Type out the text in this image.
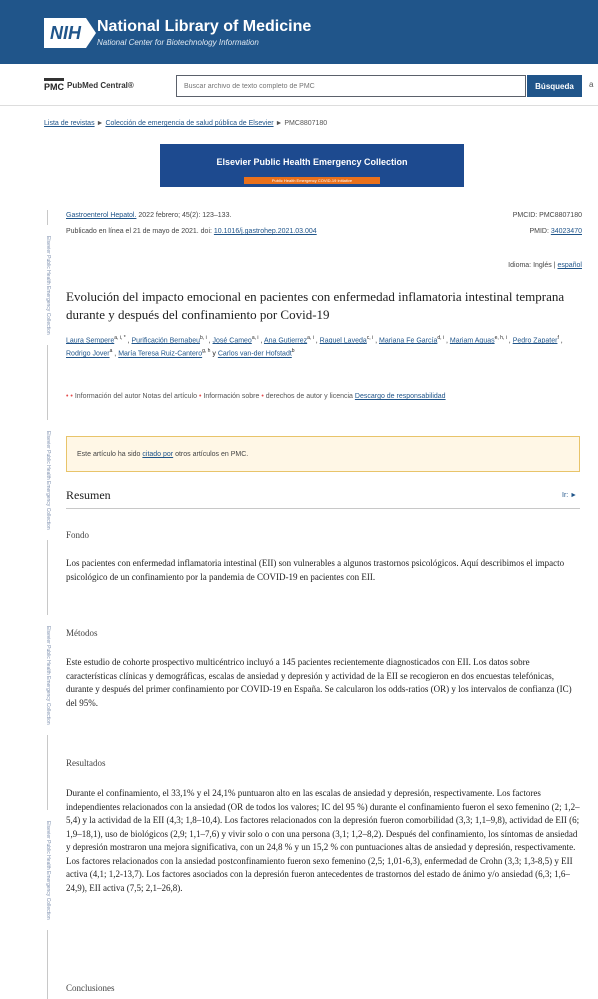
NIH	National Library of Medicine
National Center for Biotechnology Information
PMC PubMed Central®
Buscar archivo de texto completo de PMC	Búsqueda	a
Lista de revistas ► Colección de emergencia de salud pública de Elsevier ► PMC8807180
Elsevier Public Health Emergency Collection
Public Health Emergency COVID-19 Initiative
Elsevier Public Health Emergency Collection
Elsevier Public Health Emergency Collection
Elsevier Public Health Emergency Collection
Elsevier Public Health Emergency Collection
Gastroenterol Hepatol. 2022 febrero; 45(2): 123–133.
Publicado en línea el 21 de mayo de 2021. doi: 10.1016/j.gastrohep.2021.03.004
PMCID: PMC8807180
PMID: 34023470
Idioma: Inglés | español
Evolución del impacto emocional en pacientes con enfermedad inflamatoria intestinal temprana durante y después del confinamiento por Covid-19
Laura Sempere$^{a, i, *}$ , Purificación Bernabeu$^{b, i}$ , José Cameo$^{a, i}$ , Ana Gutierrez$^{a, i}$ , Raquel Laveda$^{c, i}$ , Mariana Fe García$^{d, i}$ , Mariam Aguas$^{e, h, i}$ , Pedro Zapater$^f$ , Rodrigo Jover$^a$ , María Teresa Ruiz-Cantero$^{g, h}$ y Carlos van-der Hofstadt$^b$
• • Información del autor Notas del artículo • Información sobre • derechos de autor y licencia Descargo de responsabilidad
Este artículo ha sido citado por otros artículos en PMC.
Resumen	Ir: ►
Fondo

Los pacientes con enfermedad inflamatoria intestinal (EII) son vulnerables a algunos trastornos psicológicos. Aquí describimos el impacto psicológico de un confinamiento por la pandemia de COVID-19 en pacientes con EII.

Métodos

Este estudio de cohorte prospectivo multicéntrico incluyó a 145 pacientes recientemente diagnosticados con EII. Los datos sobre características clínicas y demográficas, escalas de ansiedad y depresión y actividad de la EII se recogieron en dos encuestas telefónicas, durante y después del primer confinamiento por COVID-19 en España. Se calcularon los odds-ratios (OR) y los intervalos de confianza (IC) del 95%.

Resultados

Durante el confinamiento, el 33,1% y el 24,1% puntuaron alto en las escalas de ansiedad y depresión, respectivamente. Los factores independientes relacionados con la ansiedad (OR de todos los valores; IC del 95 %) durante el confinamiento fueron el sexo femenino (2; 1,2–5,4) y la actividad de la EII (4,3; 1,8–10,4). Los factores relacionados con la depresión fueron comorbilidad (3,3; 1,1–9,8), actividad de EII (6; 1,9–18,1), uso de biológicos (2,9; 1,1–7,6) y vivir solo o con una persona (3,1; 1,2–8,2). Después del confinamiento, los síntomas de ansiedad y depresión mostraron una mejora significativa, con un 24,8 % y un 15,2 % con puntuaciones altas de ansiedad y depresión, respectivamente. Los factores relacionados con la ansiedad postconfinamiento fueron sexo femenino (2,5; 1,01-6,3), enfermedad de Crohn (3,3; 1,3-8,5) y EII activa (4,1; 1,2-13,7). Los factores asociados con la depresión fueron antecedentes de trastornos del estado de ánimo y/o ansiedad (6,3; 1,6–24,9), EII activa (7,5; 2,1–26,8).

Conclusiones
